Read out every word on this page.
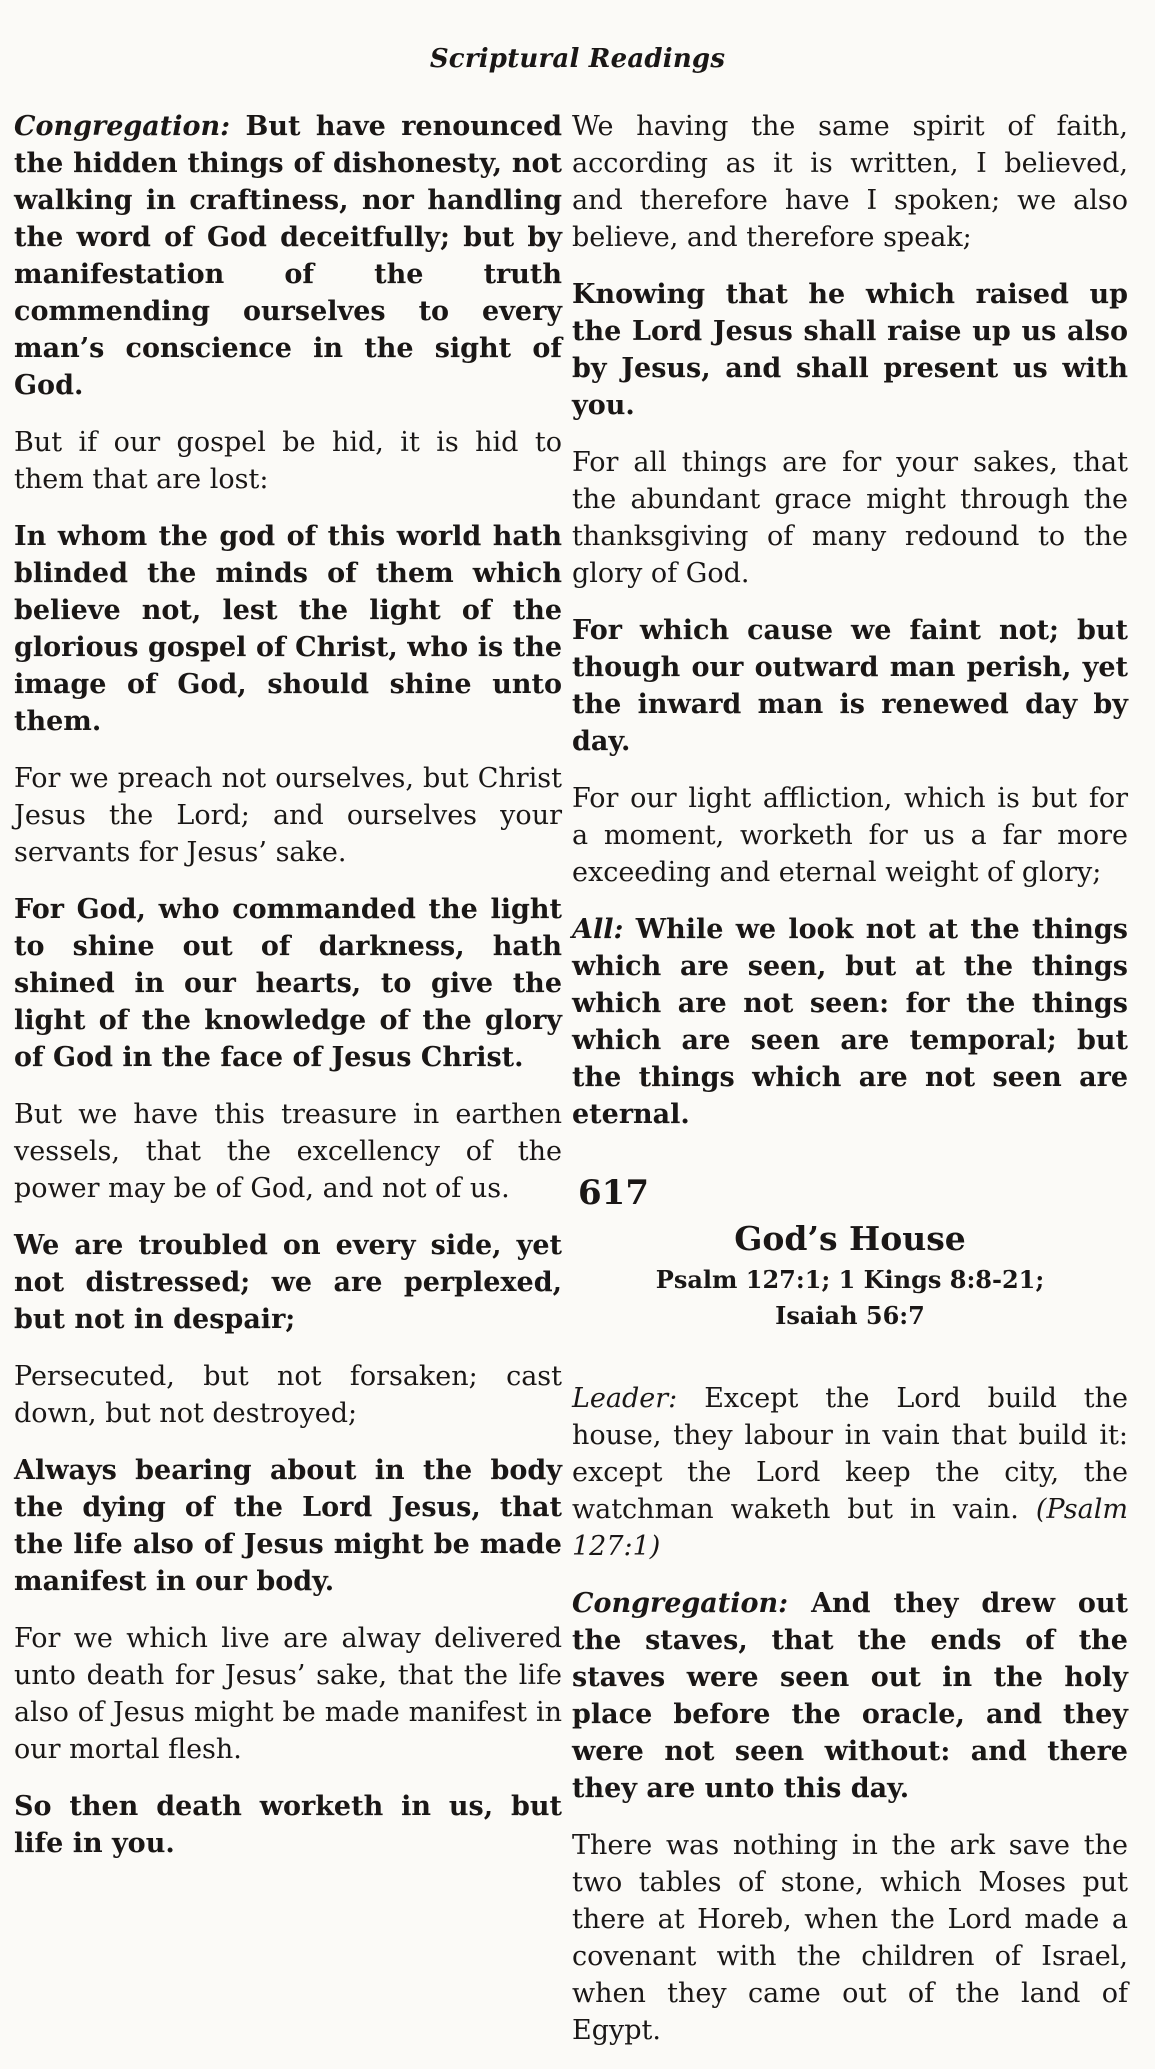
Scriptural Readings

Congregation: But have renounced the hidden things of dishonesty, not walking in craftiness, nor handling the word of God deceitfully; but by manifestation of the truth commending ourselves to every man’s conscience in the sight of God.

But if our gospel be hid, it is hid to them that are lost:

In whom the god of this world hath blinded the minds of them which believe not, lest the light of the glorious gospel of Christ, who is the image of God, should shine unto them.

For we preach not ourselves, but Christ Jesus the Lord; and ourselves your servants for Jesus’ sake.

For God, who commanded the light to shine out of darkness, hath shined in our hearts, to give the light of the knowledge of the glory of God in the face of Jesus Christ.

But we have this treasure in earthen vessels, that the excellency of the power may be of God, and not of us.

We are troubled on every side, yet not distressed; we are perplexed, but not in despair;

Persecuted, but not forsaken; cast down, but not destroyed;

Always bearing about in the body the dying of the Lord Jesus, that the life also of Jesus might be made manifest in our body.

For we which live are alway delivered unto death for Jesus’ sake, that the life also of Jesus might be made manifest in our mortal flesh.

So then death worketh in us, but life in you.

We having the same spirit of faith, according as it is written, I believed, and therefore have I spoken; we also believe, and therefore speak;

Knowing that he which raised up the Lord Jesus shall raise up us also by Jesus, and shall present us with you.

For all things are for your sakes, that the abundant grace might through the thanksgiving of many redound to the glory of God.

For which cause we faint not; but though our outward man perish, yet the inward man is renewed day by day.

For our light affliction, which is but for a moment, worketh for us a far more exceeding and eternal weight of glory;

All: While we look not at the things which are seen, but at the things which are not seen: for the things which are seen are temporal; but the things which are not seen are eternal.

617
God’s House
Psalm 127:1; 1 Kings 8:8-21;
Isaiah 56:7

Leader: Except the Lord build the house, they labour in vain that build it: except the Lord keep the city, the watchman waketh but in vain. (Psalm 127:1)

Congregation: And they drew out the staves, that the ends of the staves were seen out in the holy place before the oracle, and they were not seen without: and there they are unto this day.

There was nothing in the ark save the two tables of stone, which Moses put there at Horeb, when the Lord made a covenant with the children of Israel, when they came out of the land of Egypt.
